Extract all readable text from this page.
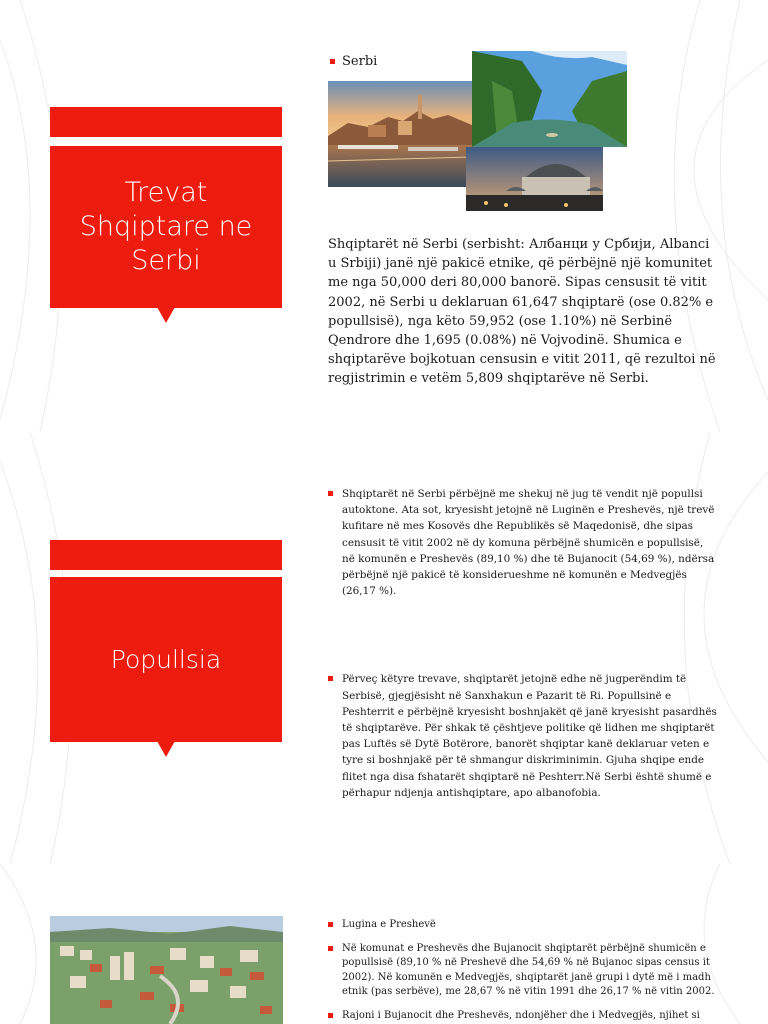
Trevat Shqiptare ne Serbi
Serbi

Shqiptarët në Serbi (serbisht: Албанци у Србији, Albanci u Srbiji) janë një pakicë etnike, që përbëjnë një komunitet me nga 50,000 deri 80,000 banorë. Sipas censusit të vitit 2002, në Serbi u deklaruan 61,647 shqiptarë (ose 0.82% e popullsisë), nga këto 59,952 (ose 1.10%) në Serbinë Qendrore dhe 1,695 (0.08%) në Vojvodinë. Shumica e shqiptarëve bojkotuan censusin e vitit 2011, që rezultoi në regjistrimin e vetëm 5,809 shqiptarëve në Serbi.

Popullsia
Shqiptarët në Serbi përbëjnë me shekuj në jug të vendit një popullsi autoktone. Ata sot, kryesisht jetojnë në Luginën e Preshevës, një trevë kufitare në mes Kosovës dhe Republikës së Maqedonisë, dhe sipas censusit të vitit 2002 në dy komuna përbëjnë shumicën e popullsisë, në komunën e Preshevës (89,10 %) dhe të Bujanocit (54,69 %), ndërsa përbëjnë një pakicë të konsiderueshme në komunën e Medvegjës (26,17 %).
Përveç këtyre trevave, shqiptarët jetojnë edhe në jugperëndim të Serbisë, gjegjësisht në Sanxhakun e Pazarit të Ri. Popullsinë e Peshterrit e përbëjnë kryesisht boshnjakët që janë kryesisht pasardhës të shqiptarëve. Për shkak të çështjeve politike që lidhen me shqiptarët pas Luftës së Dytë Botërore, banorët shqiptar kanë deklaruar veten e tyre si boshnjakë për të shmangur diskriminimin. Gjuha shqipe ende flitet nga disa fshatarët shqiptarë në Peshterr.Në Serbi është shumë e përhapur ndjenja antishqiptare, apo albanofobia.
Lugina e Preshevë
Në komunat e Preshevës dhe Bujanocit shqiptarët përbëjnë shumicën e popullsisë (89,10 % në Preshevë dhe 54,69 % në Bujanoc sipas census it 2002). Në komunën e Medvegjës, shqiptarët janë grupi i dytë më i madh etnik (pas serbëve), me 28,67 % në vitin 1991 dhe 26,17 % në vitin 2002.
Rajoni i Bujanocit dhe Preshevës, ndonjëher dhe i Medvegjës, njihet si
